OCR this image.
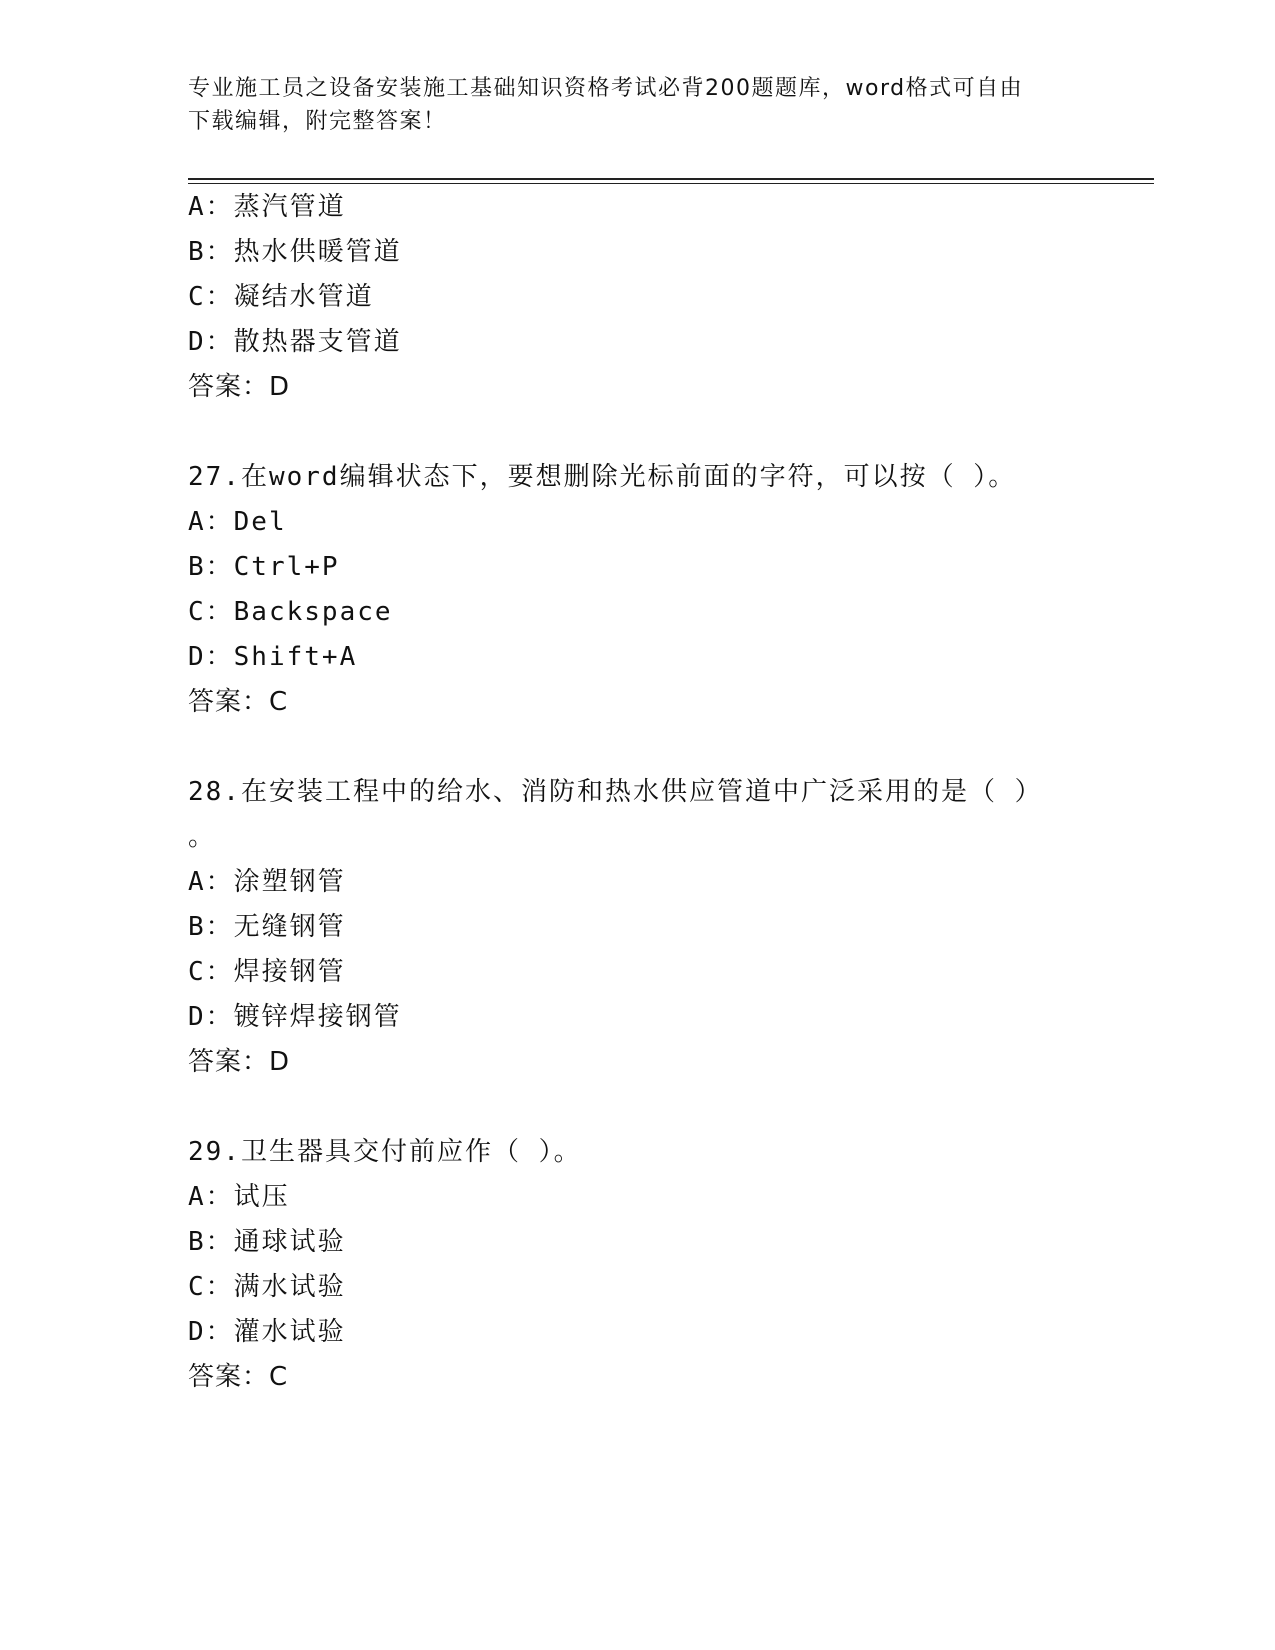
专业施工员之设备安装施工基础知识资格考试必背200题题库，word格式可自由
下载编辑，附完整答案！
A：蒸汽管道
B：热水供暖管道
C：凝结水管道
D：散热器支管道
答案：D
27.在word编辑状态下，要想删除光标前面的字符，可以按（ ）。
A：Del
B：Ctrl+P
C：Backspace
D：Shift+A
答案：C
28.在安装工程中的给水、消防和热水供应管道中广泛采用的是（ ）
。
A：涂塑钢管
B：无缝钢管
C：焊接钢管
D：镀锌焊接钢管
答案：D
29.卫生器具交付前应作（ ）。
A：试压
B：通球试验
C：满水试验
D：灌水试验
答案：C
